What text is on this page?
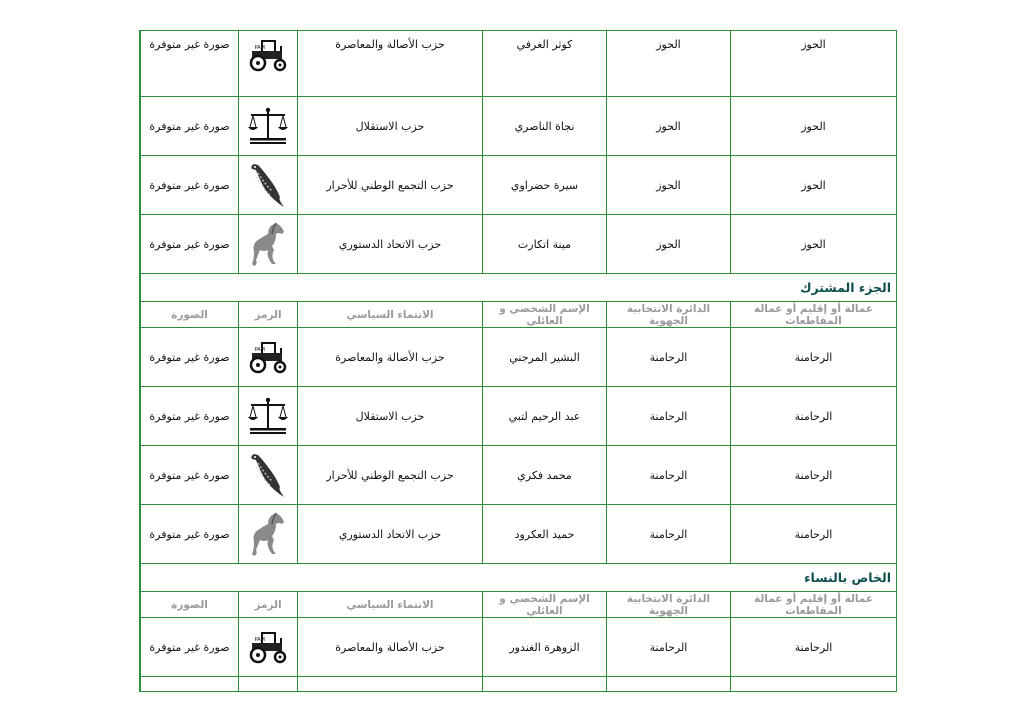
الحوز	الحوز	كوثر الغرفي	حزب الأصالة والمعاصرة	PAM	صورة غير متوفرة
الحوز	الحوز	نجاة الناصري	حزب الاستقلال		صورة غير متوفرة
الحوز	الحوز	سيرة حضراوي	حزب التجمع الوطني للأحرار		صورة غير متوفرة
الحوز	الحوز	مينة اتكارت	حزب الاتحاد الدستوري		صورة غير متوفرة
الجزء المشترك					
عمالة أو إقليم أو عمالة المقاطعات	الدائرة الانتخابية الجهوية	الإسم الشخصي و العائلي	الانتماء السياسي	الرمز	الصورة
الرحامنة	الرحامنة	البشير المرجني	حزب الأصالة والمعاصرة	PAM	صورة غير متوفرة
الرحامنة	الرحامنة	عبد الرحيم لتبي	حزب الاستقلال		صورة غير متوفرة
الرحامنة	الرحامنة	محمد فكري	حزب التجمع الوطني للأحرار		صورة غير متوفرة
الرحامنة	الرحامنة	حميد العكرود	حزب الاتحاد الدستوري		صورة غير متوفرة
الخاص بالنساء					
عمالة أو إقليم أو عمالة المقاطعات	الدائرة الانتخابية الجهوية	الإسم الشخصي و العائلي	الانتماء السياسي	الرمز	الصورة
الرحامنة	الرحامنة	الزوهرة الغندور	حزب الأصالة والمعاصرة	PAM	صورة غير متوفرة
